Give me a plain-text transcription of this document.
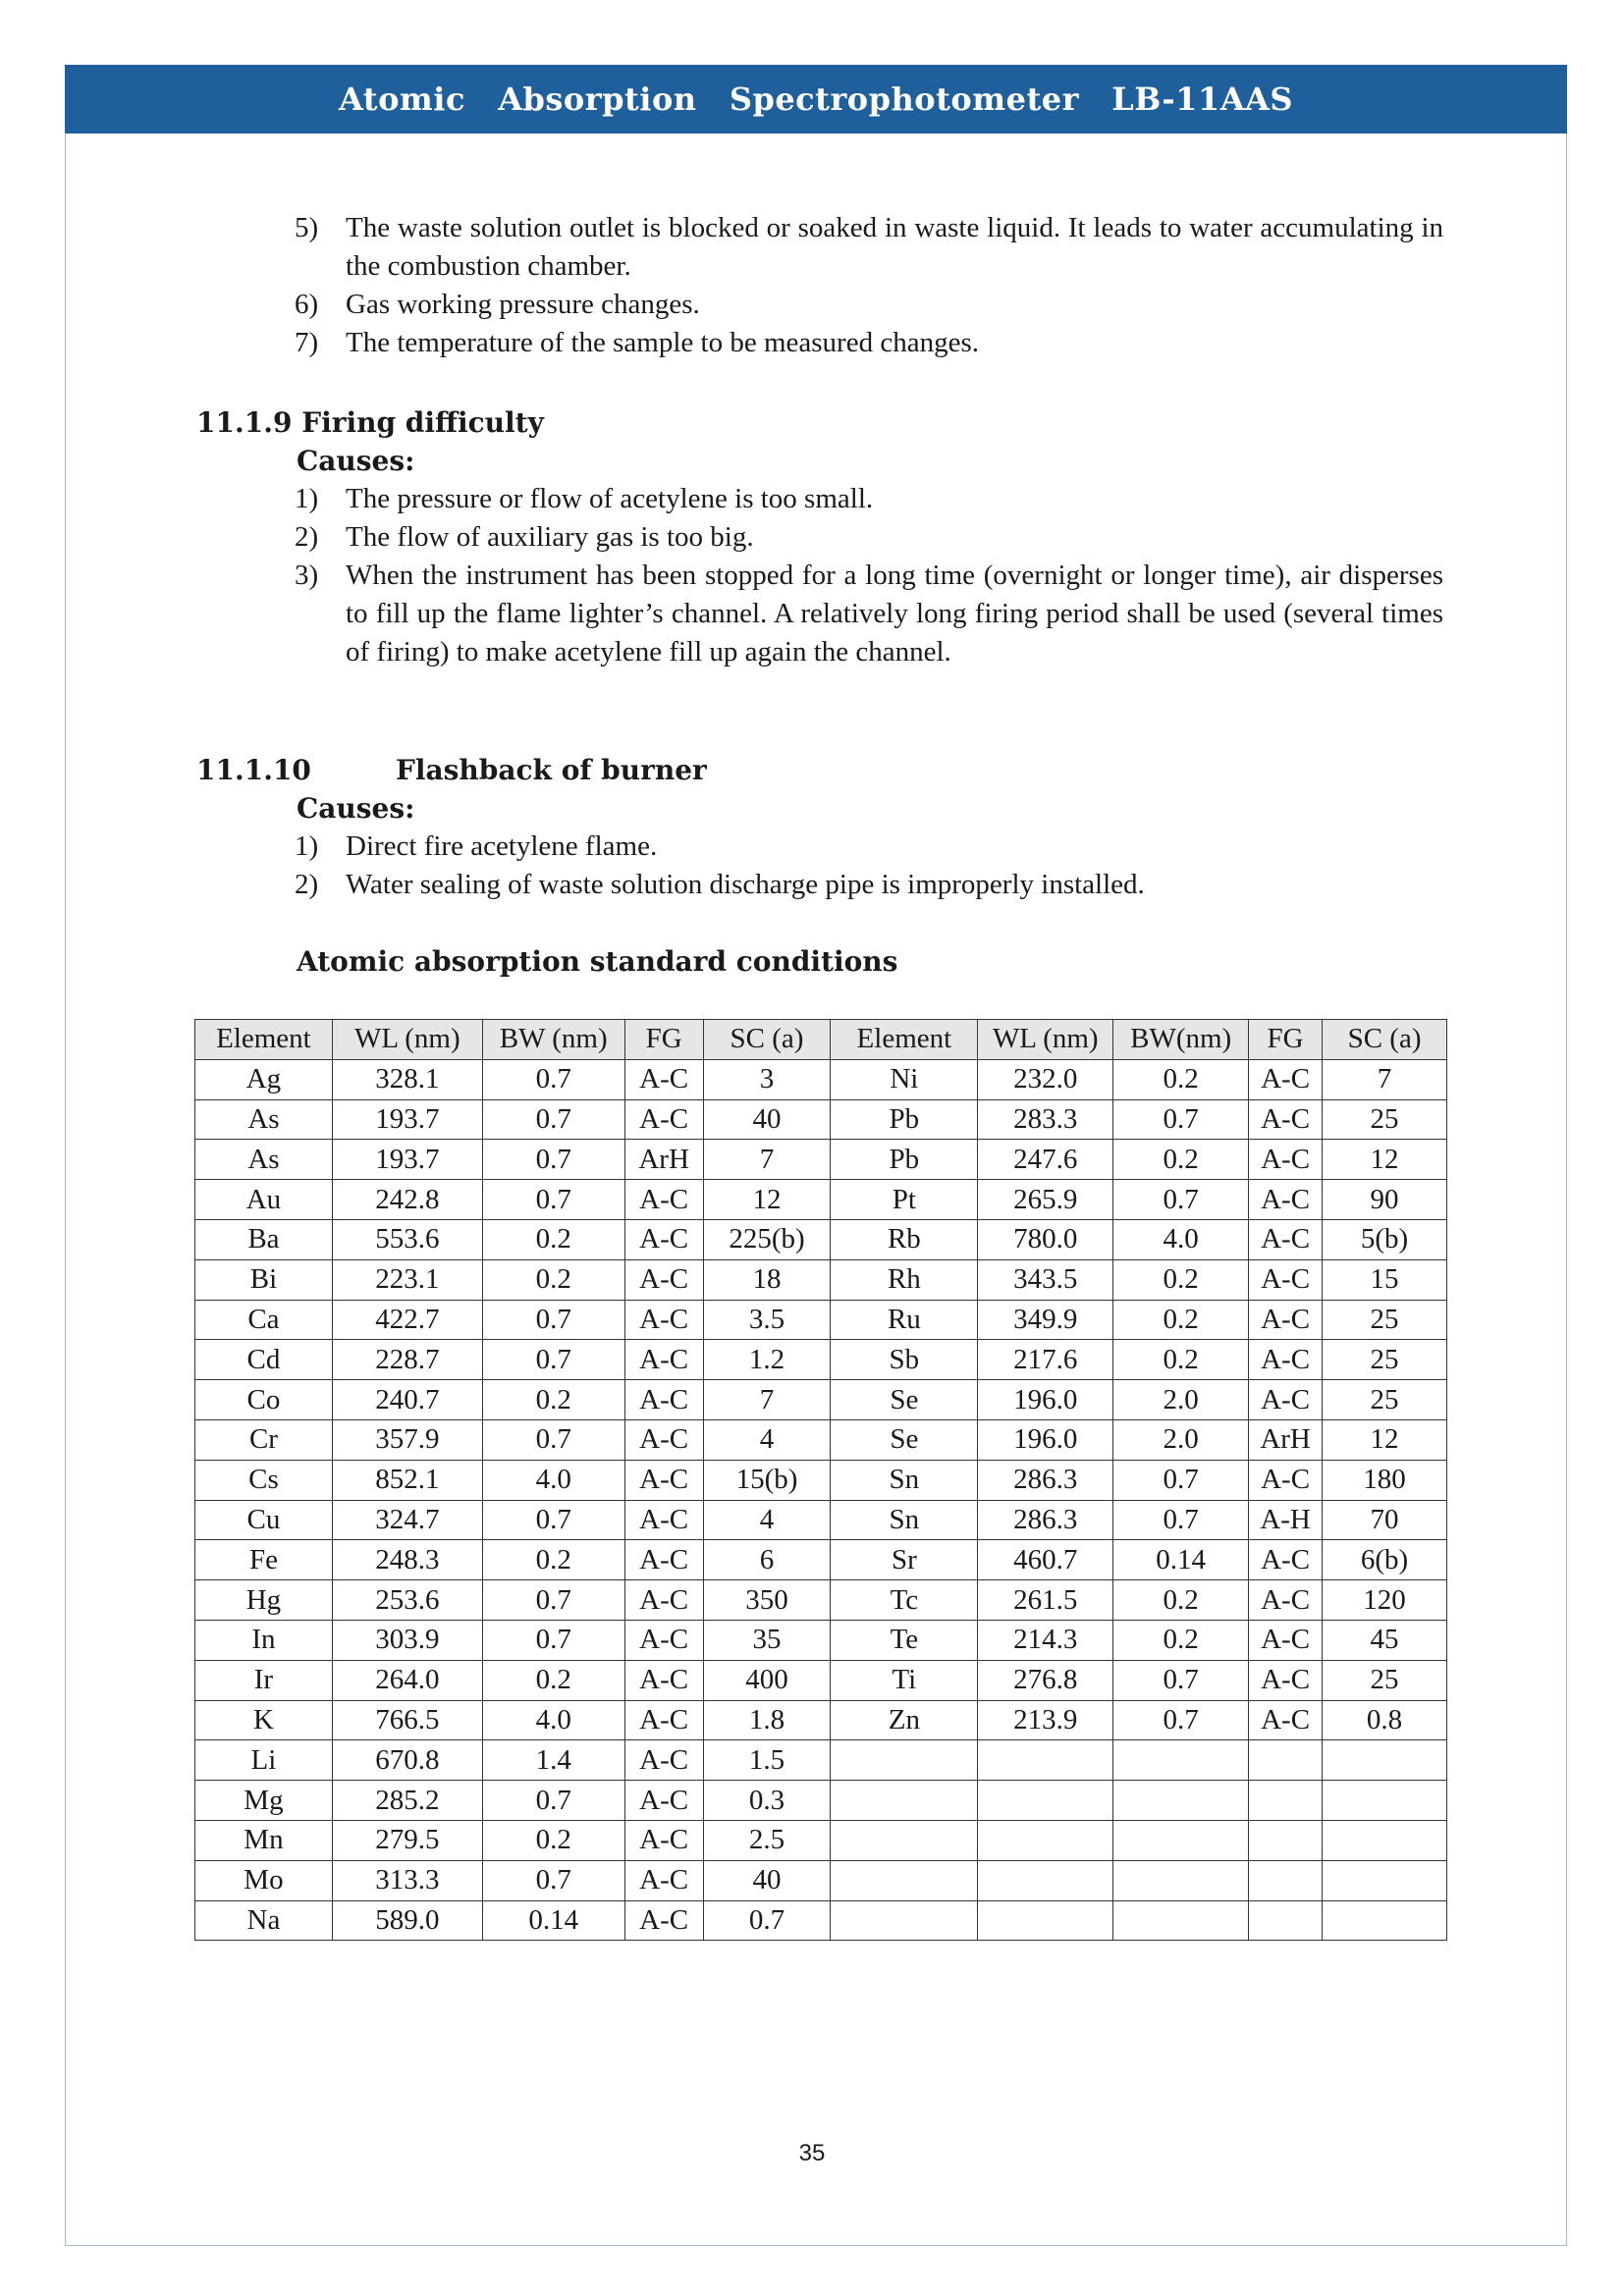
Atomic  Absorption  Spectrophotometer  LB-11AAS
5) The waste solution outlet is blocked or soaked in waste liquid. It leads to water accumulating in the combustion chamber.
6) Gas working pressure changes.
7) The temperature of the sample to be measured changes.
11.1.9 Firing difficulty
Causes:
1) The pressure or flow of acetylene is too small.
2) The flow of auxiliary gas is too big.
3) When the instrument has been stopped for a long time (overnight or longer time), air disperses to fill up the flame lighter’s channel. A relatively long firing period shall be used (several times of firing) to make acetylene fill up again the channel.
11.1.10	Flashback of burner
Causes:
1) Direct fire acetylene flame.
2) Water sealing of waste solution discharge pipe is improperly installed.
Atomic absorption standard conditions
Element	WL (nm)	BW (nm)	FG	SC (a)	Element	WL (nm)	BW(nm)	FG	SC (a)
Ag	328.1	0.7	A-C	3	Ni	232.0	0.2	A-C	7
As	193.7	0.7	A-C	40	Pb	283.3	0.7	A-C	25
As	193.7	0.7	ArH	7	Pb	247.6	0.2	A-C	12
Au	242.8	0.7	A-C	12	Pt	265.9	0.7	A-C	90
Ba	553.6	0.2	A-C	225(b)	Rb	780.0	4.0	A-C	5(b)
Bi	223.1	0.2	A-C	18	Rh	343.5	0.2	A-C	15
Ca	422.7	0.7	A-C	3.5	Ru	349.9	0.2	A-C	25
Cd	228.7	0.7	A-C	1.2	Sb	217.6	0.2	A-C	25
Co	240.7	0.2	A-C	7	Se	196.0	2.0	A-C	25
Cr	357.9	0.7	A-C	4	Se	196.0	2.0	ArH	12
Cs	852.1	4.0	A-C	15(b)	Sn	286.3	0.7	A-C	180
Cu	324.7	0.7	A-C	4	Sn	286.3	0.7	A-H	70
Fe	248.3	0.2	A-C	6	Sr	460.7	0.14	A-C	6(b)
Hg	253.6	0.7	A-C	350	Tc	261.5	0.2	A-C	120
In	303.9	0.7	A-C	35	Te	214.3	0.2	A-C	45
Ir	264.0	0.2	A-C	400	Ti	276.8	0.7	A-C	25
K	766.5	4.0	A-C	1.8	Zn	213.9	0.7	A-C	0.8
Li	670.8	1.4	A-C	1.5					
Mg	285.2	0.7	A-C	0.3					
Mn	279.5	0.2	A-C	2.5					
Mo	313.3	0.7	A-C	40					
Na	589.0	0.14	A-C	0.7					
35
